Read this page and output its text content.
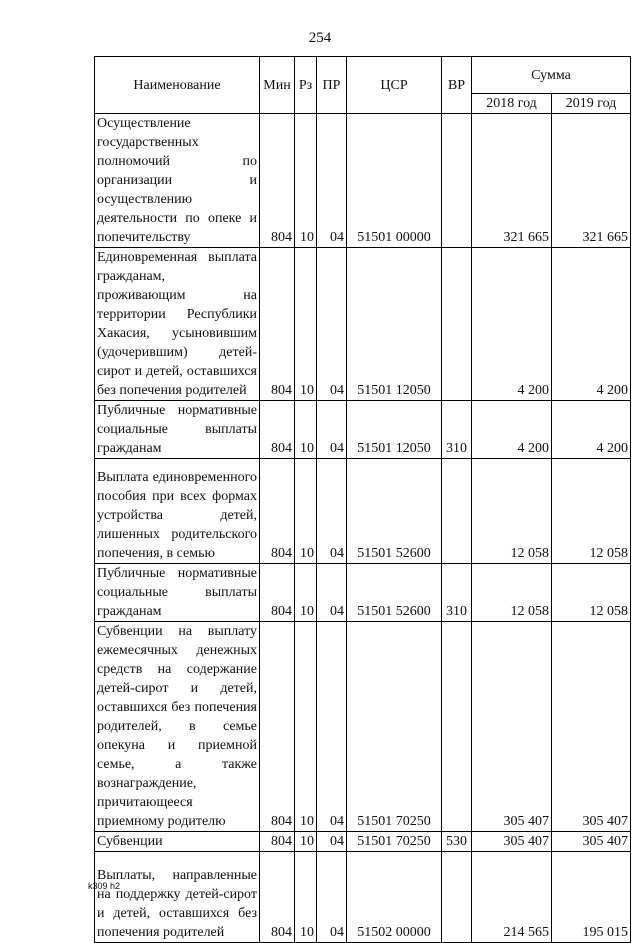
254
Наименование	Мин	Рз	ПР	ЦСР	ВР	Сумма	
						2018 год	2019 год
Осуществление государственных полномочий по организации и осуществлению деятельности по опеке и попечительству	804	10	04	51501 00000		321 665	321 665
Единовременная выплата гражданам, проживающим на территории Республики Хакасия, усыновившим (удочерившим) детей-сирот и детей, оставшихся без попечения родителей	804	10	04	51501 12050		4 200	4 200
Публичные нормативные социальные выплаты гражданам	804	10	04	51501 12050	310	4 200	4 200
Выплата единовременного пособия при всех формах устройства детей, лишенных родительского попечения, в семью	804	10	04	51501 52600		12 058	12 058
Публичные нормативные социальные выплаты гражданам	804	10	04	51501 52600	310	12 058	12 058
Субвенции на выплату ежемесячных денежных средств на содержание детей-сирот и детей, оставшихся без попечения родителей, в семье опекуна и приемной семье, а также вознаграждение, причитающееся приемному родителю	804	10	04	51501 70250		305 407	305 407
Субвенции	804	10	04	51501 70250	530	305 407	305 407
Выплаты, направленные на поддержку детей-сирот и детей, оставшихся без попечения родителей	804	10	04	51502 00000		214 565	195 015
k309 h2
